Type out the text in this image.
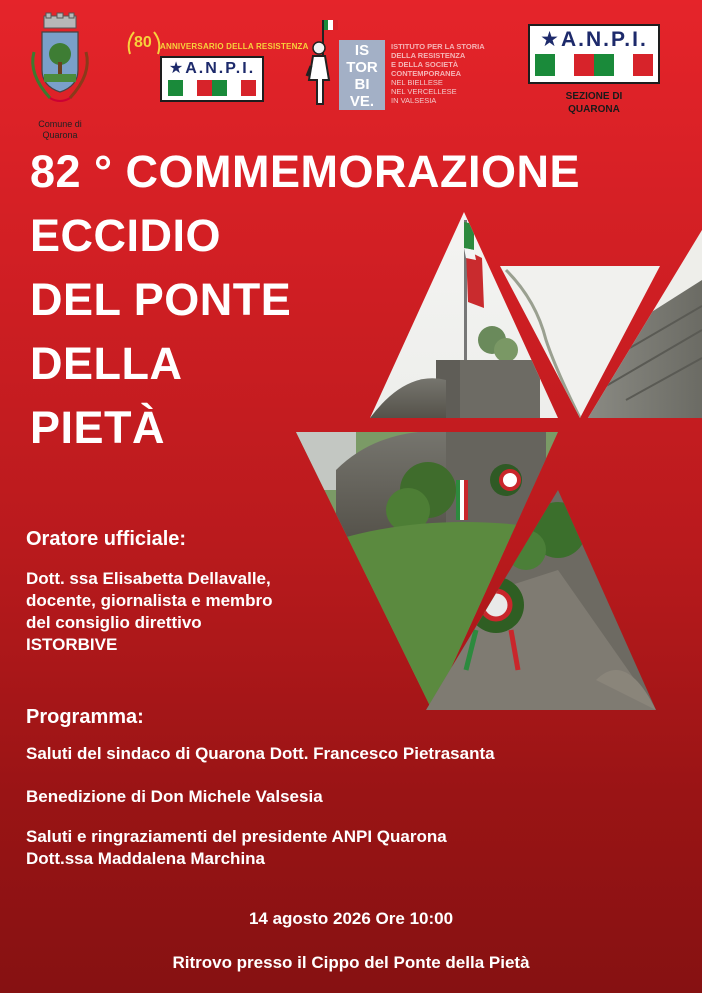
Comune di
Quarona
80 ANNIVERSARIO DELLA RESISTENZA
★A.N.P.I.
IS
TOR
BI
VE.
ISTITUTO PER LA STORIA
DELLA RESISTENZA
E DELLA SOCIETÀ
CONTEMPORANEA
NEL BIELLESE
NEL VERCELLESE
IN VALSESIA
★A.N.P.I.
SEZIONE DI
QUARONA
82 ° COMMEMORAZIONE
ECCIDIO
DEL PONTE
DELLA
PIETÀ
Oratore ufficiale:
Dott. ssa Elisabetta Dellavalle,
docente, giornalista e membro
del consiglio direttivo
ISTORBIVE
Programma:
Saluti del sindaco di Quarona Dott. Francesco Pietrasanta
Benedizione di Don Michele Valsesia
Saluti e ringraziamenti del presidente ANPI Quarona
Dott.ssa Maddalena Marchina
14 agosto 2026 Ore 10:00
Ritrovo presso il Cippo del Ponte della Pietà
